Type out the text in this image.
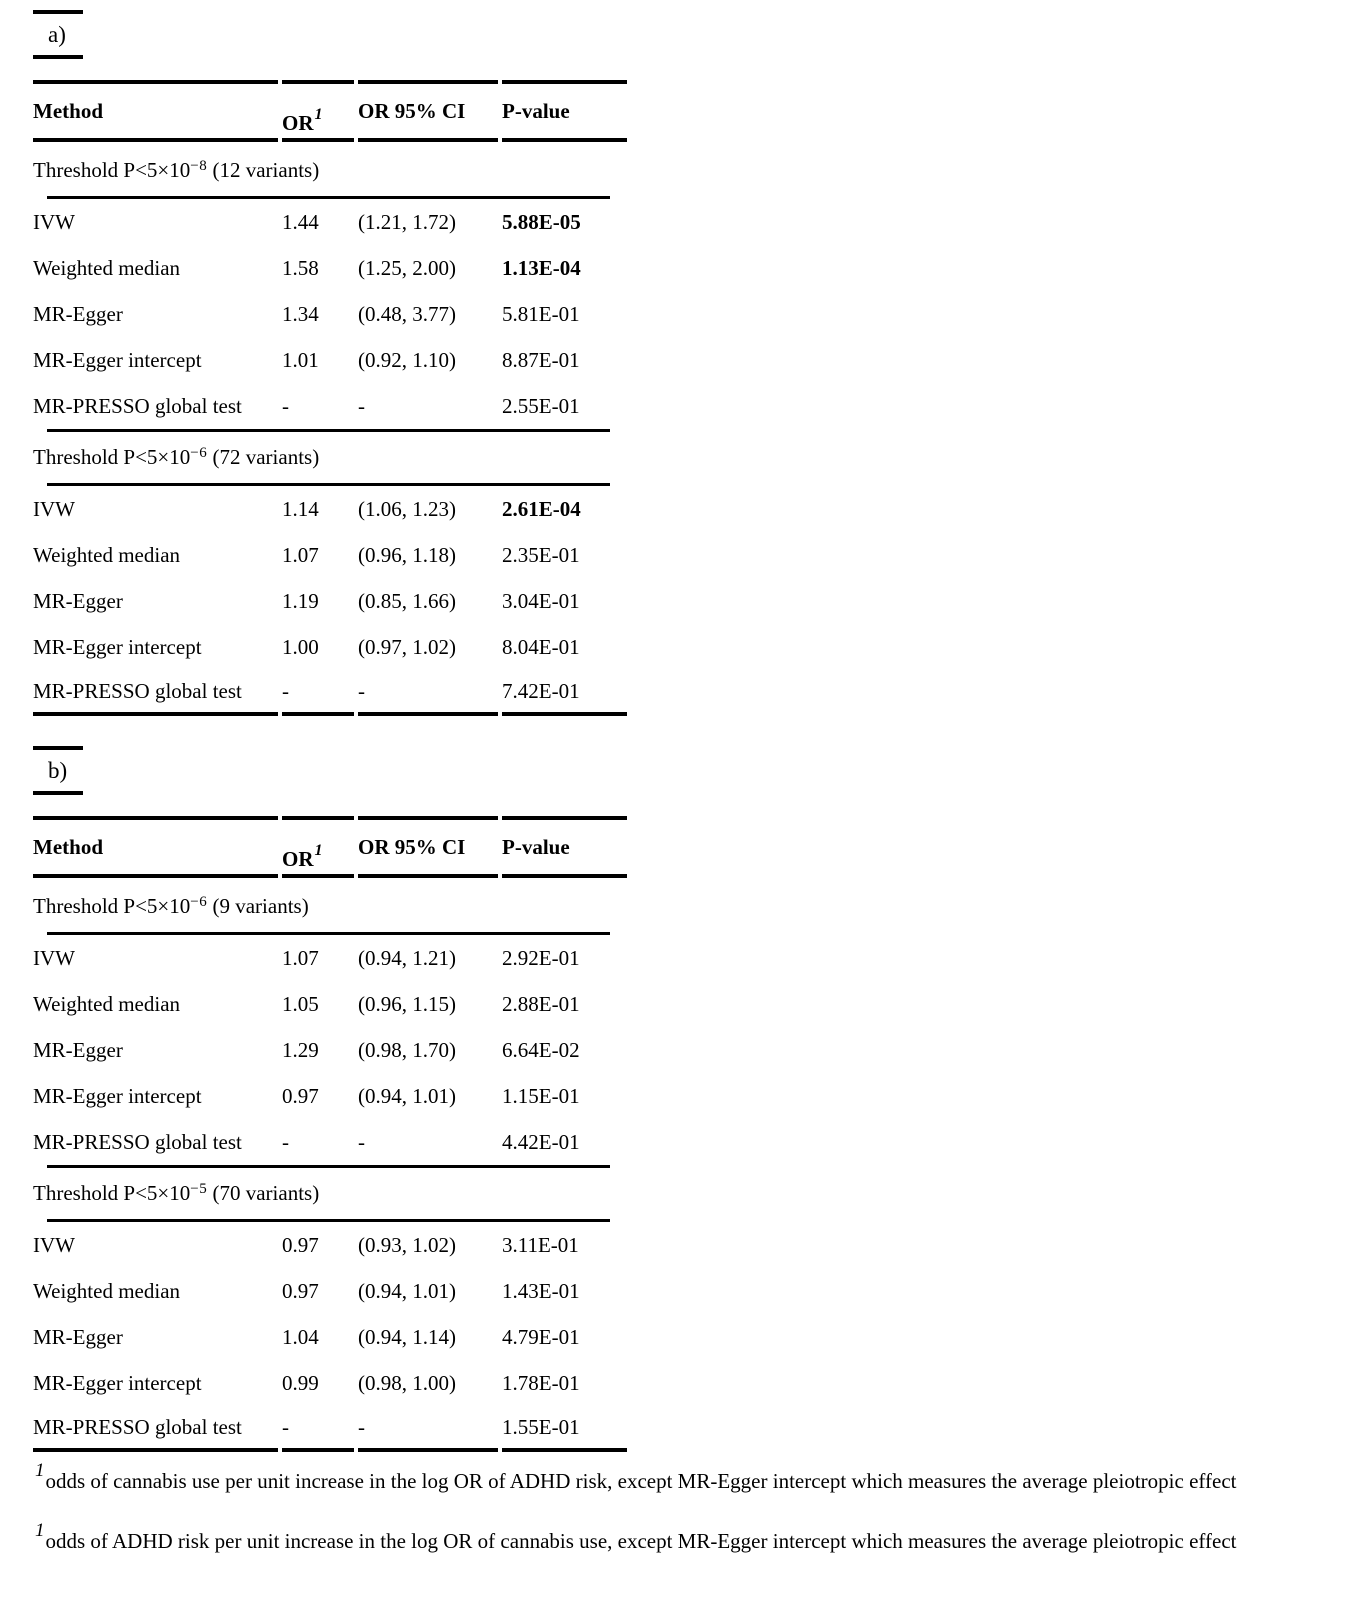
a)
Method	$OR^1$	OR 95% CI	P-value
Threshold $P<5\times 10^{-8}$ (12 variants)			
IVW	1.44	(1.21, 1.72)	5.88E-05
Weighted median	1.58	(1.25, 2.00)	1.13E-04
MR-Egger	1.34	(0.48, 3.77)	5.81E-01
MR-Egger intercept	1.01	(0.92, 1.10)	8.87E-01
MR-PRESSO global test	-	-	2.55E-01
Threshold $P<5\times 10^{-6}$ (72 variants)			
IVW	1.14	(1.06, 1.23)	2.61E-04
Weighted median	1.07	(0.96, 1.18)	2.35E-01
MR-Egger	1.19	(0.85, 1.66)	3.04E-01
MR-Egger intercept	1.00	(0.97, 1.02)	8.04E-01
MR-PRESSO global test	-	-	7.42E-01
b)
Method	$OR^1$	OR 95% CI	P-value
Threshold $P<5\times 10^{-6}$ (9 variants)			
IVW	1.07	(0.94, 1.21)	2.92E-01
Weighted median	1.05	(0.96, 1.15)	2.88E-01
MR-Egger	1.29	(0.98, 1.70)	6.64E-02
MR-Egger intercept	0.97	(0.94, 1.01)	1.15E-01
MR-PRESSO global test	-	-	4.42E-01
Threshold $P<5\times 10^{-5}$ (70 variants)			
IVW	0.97	(0.93, 1.02)	3.11E-01
Weighted median	0.97	(0.94, 1.01)	1.43E-01
MR-Egger	1.04	(0.94, 1.14)	4.79E-01
MR-Egger intercept	0.99	(0.98, 1.00)	1.78E-01
MR-PRESSO global test	-	-	1.55E-01
$^1$odds of cannabis use per unit increase in the log OR of ADHD risk, except MR-Egger intercept which measures the average pleiotropic effect
$^1$odds of ADHD risk per unit increase in the log OR of cannabis use, except MR-Egger intercept which measures the average pleiotropic effect
